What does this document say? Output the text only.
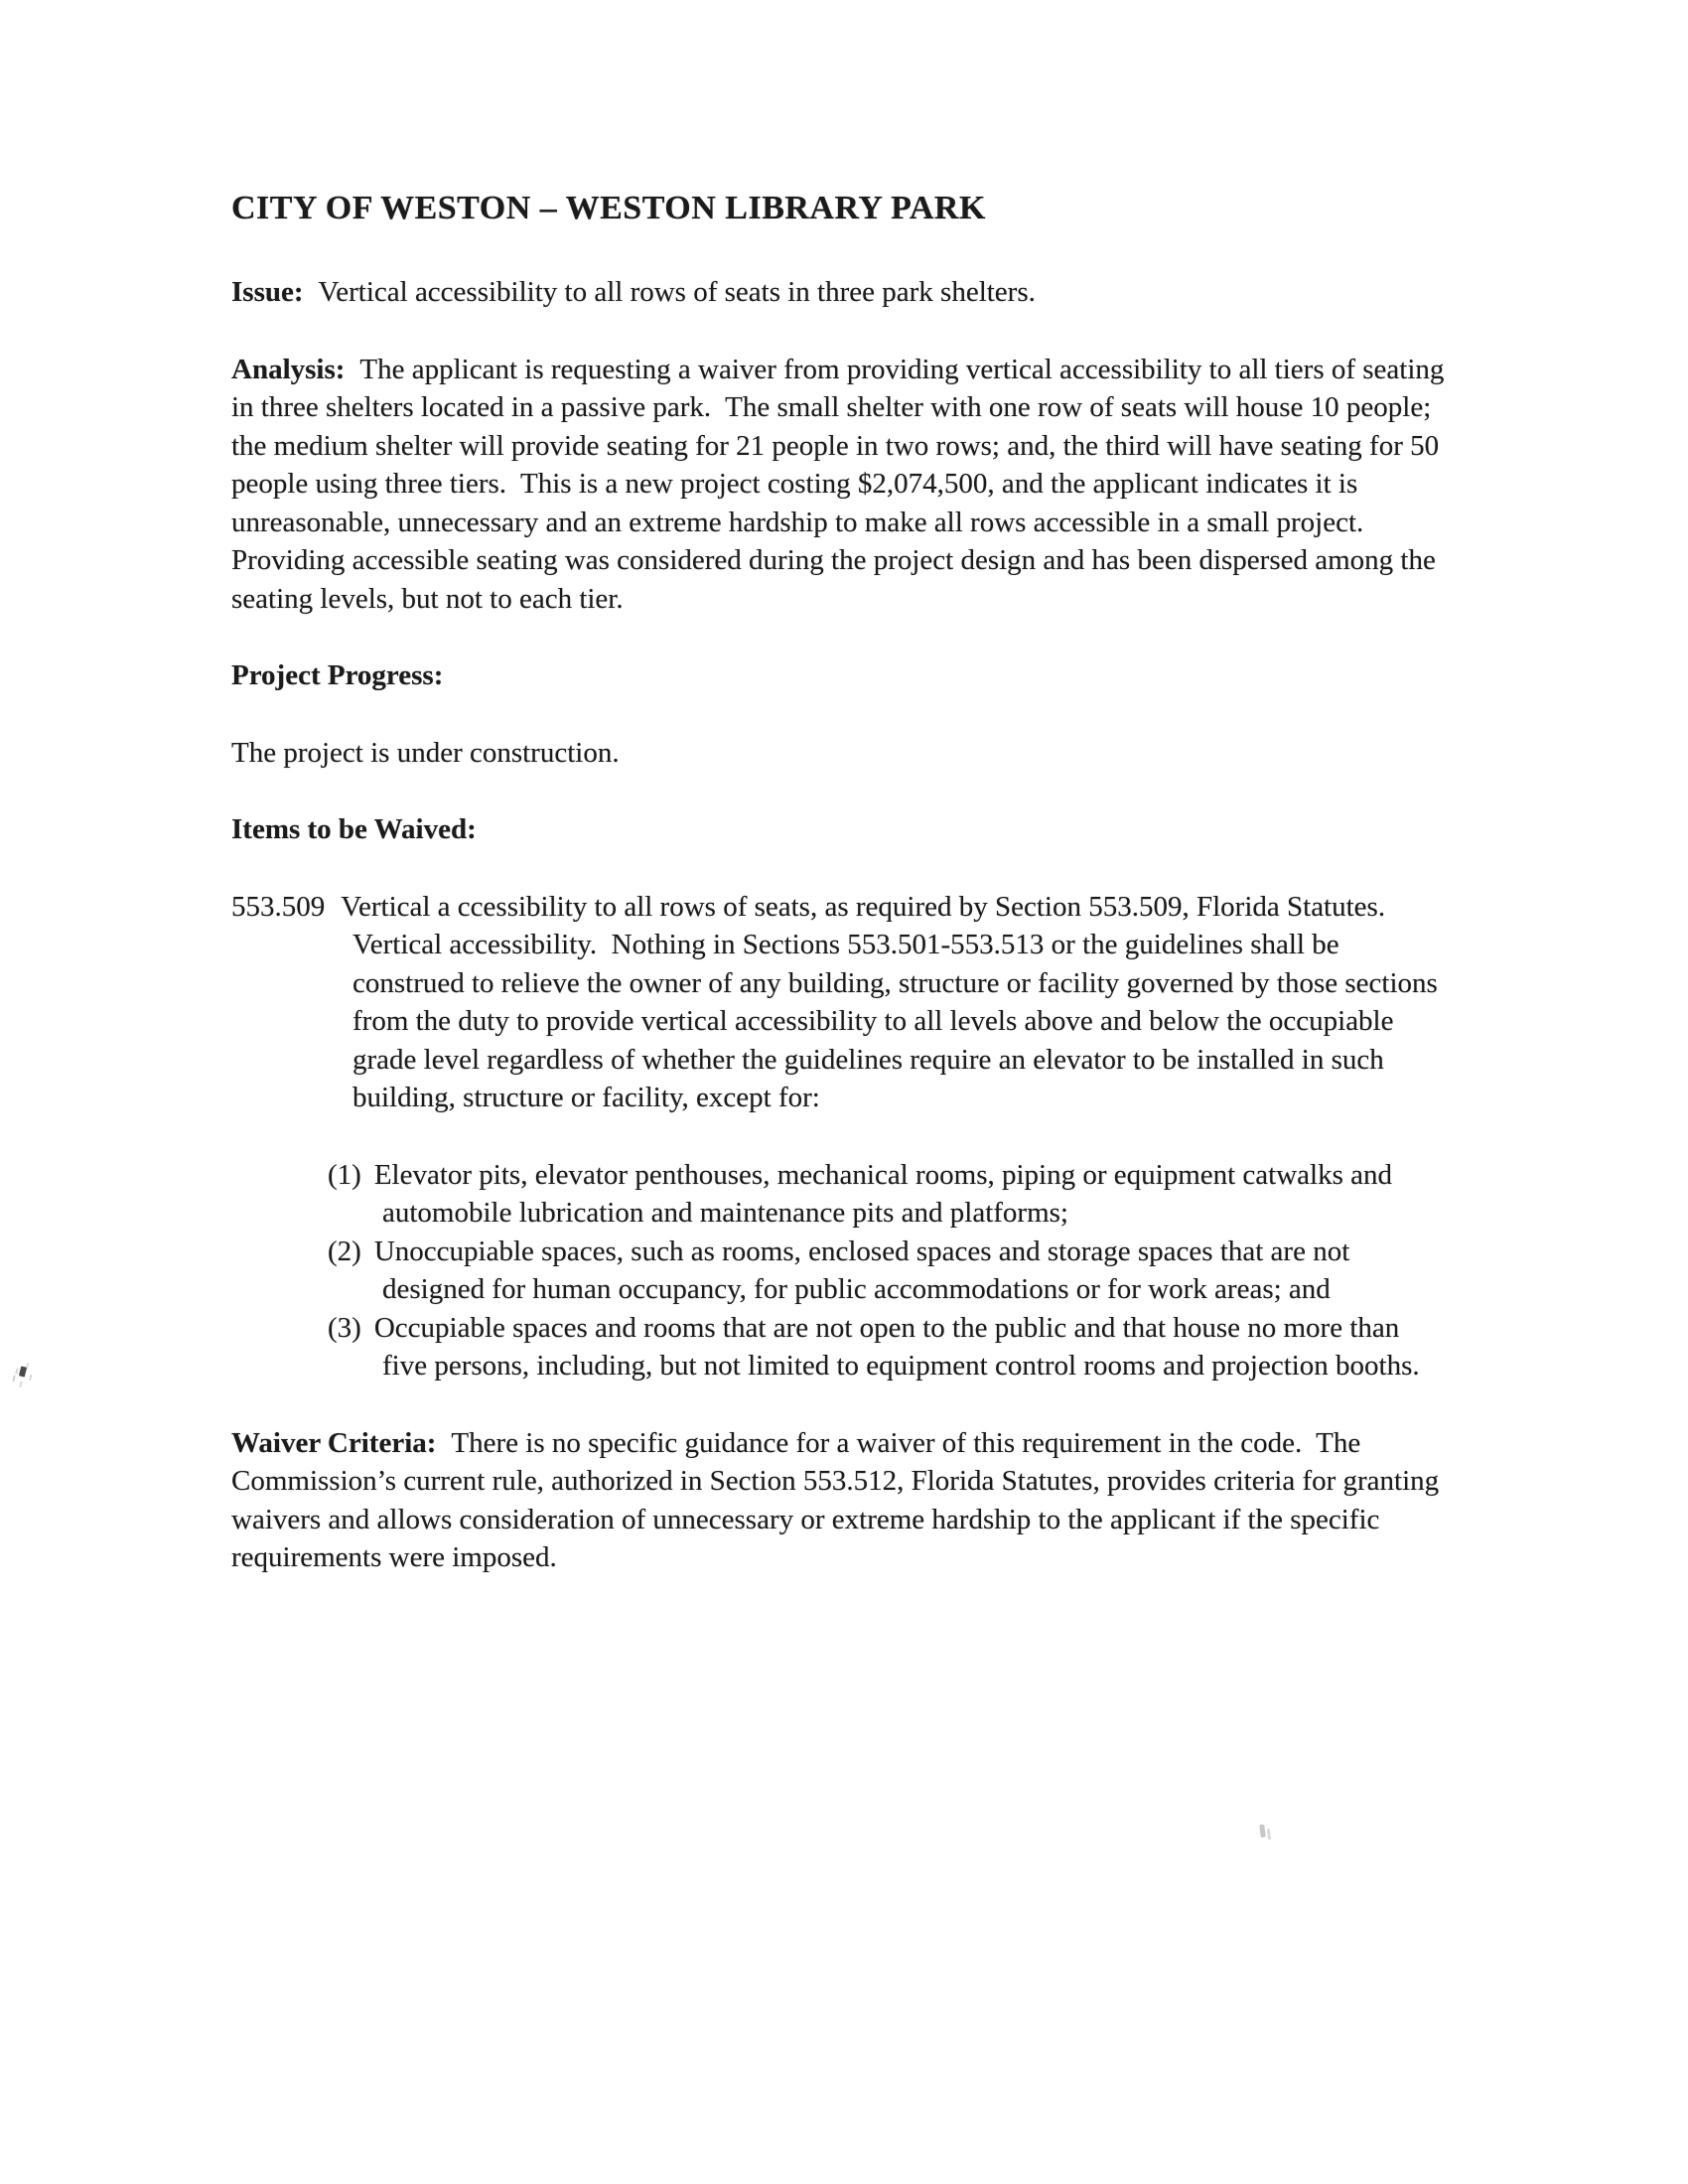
CITY OF WESTON – WESTON LIBRARY PARK

Issue: Vertical accessibility to all rows of seats in three park shelters.

Analysis: The applicant is requesting a waiver from providing vertical accessibility to all tiers of seating in three shelters located in a passive park.  The small shelter with one row of seats will house 10 people; the medium shelter will provide seating for 21 people in two rows; and, the third will have seating for 50 people using three tiers.  This is a new project costing $2,074,500, and the applicant indicates it is unreasonable, unnecessary and an extreme hardship to make all rows accessible in a small project.  Providing accessible seating was considered during the project design and has been dispersed among the seating levels, but not to each tier.

Project Progress:

The project is under construction.

Items to be Waived:

553.509 Vertical a ccessibility to all rows of seats, as required by Section 553.509, Florida Statutes. Vertical accessibility.  Nothing in Sections 553.501-553.513 or the guidelines shall be construed to relieve the owner of any building, structure or facility governed by those sections from the duty to provide vertical accessibility to all levels above and below the occupiable grade level regardless of whether the guidelines require an elevator to be installed in such building, structure or facility, except for:

(1) Elevator pits, elevator penthouses, mechanical rooms, piping or equipment catwalks and automobile lubrication and maintenance pits and platforms;

(2) Unoccupiable spaces, such as rooms, enclosed spaces and storage spaces that are not designed for human occupancy, for public accommodations or for work areas; and

(3) Occupiable spaces and rooms that are not open to the public and that house no more than five persons, including, but not limited to equipment control rooms and projection booths.

Waiver Criteria: There is no specific guidance for a waiver of this requirement in the code.  The Commission’s current rule, authorized in Section 553.512, Florida Statutes, provides criteria for granting waivers and allows consideration of unnecessary or extreme hardship to the applicant if the specific requirements were imposed.
